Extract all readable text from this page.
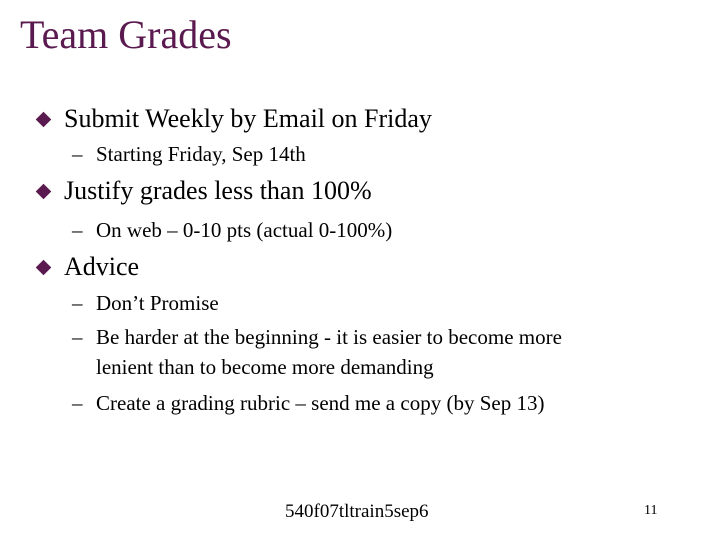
Team Grades
Submit Weekly by Email on Friday
– Starting Friday, Sep 14th
Justify grades less than 100%
– On web – 0-10 pts (actual 0-100%)
Advice
– Don’t Promise
– Be harder at the beginning - it is easier to become more
lenient than to become more demanding
– Create a grading rubric – send me a copy (by Sep 13)
540f07tltrain5sep6	11
